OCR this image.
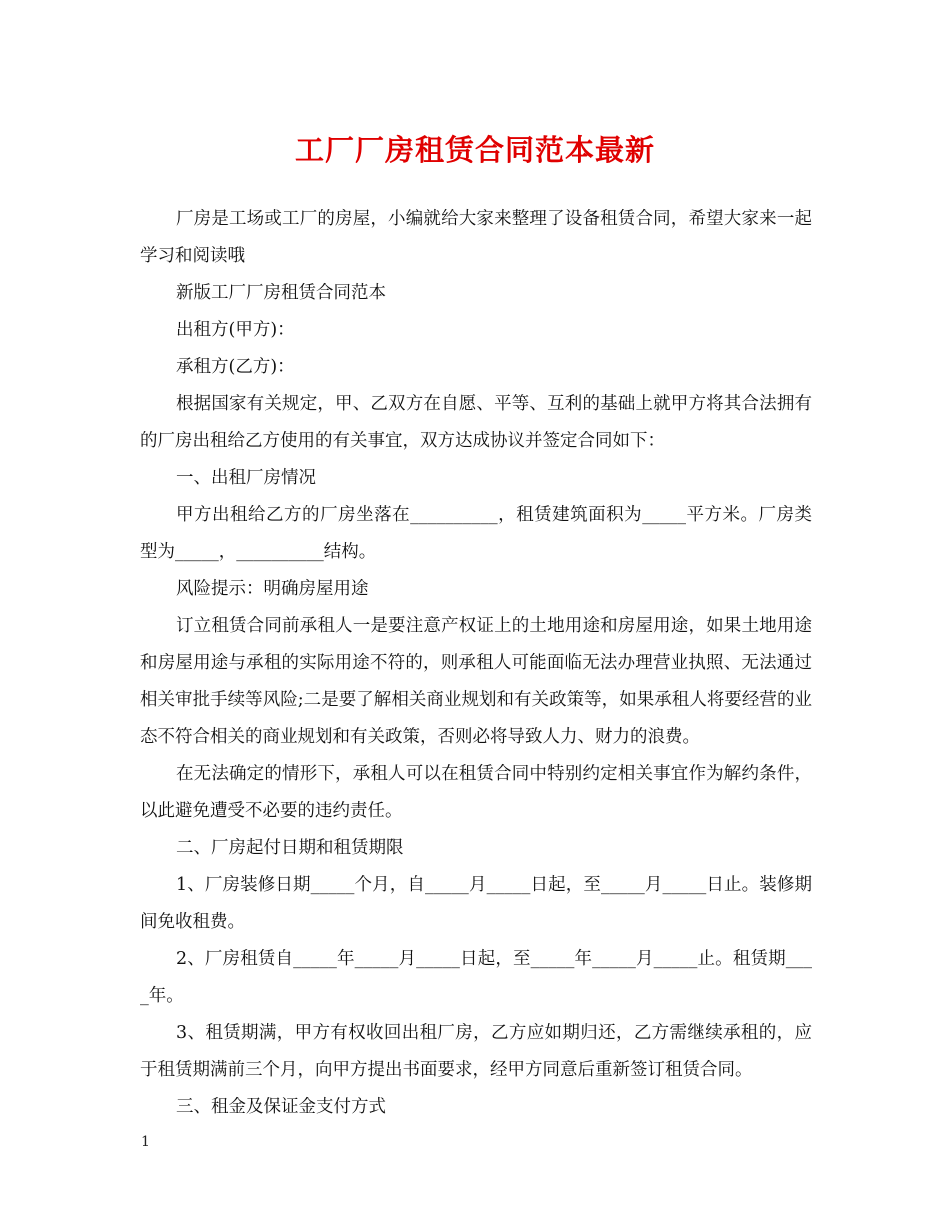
工厂厂房租赁合同范本最新

厂房是工场或工厂的房屋，小编就给大家来整理了设备租赁合同，希望大家来一起学习和阅读哦

新版工厂厂房租赁合同范本

出租方(甲方)：

承租方(乙方)：

根据国家有关规定，甲、乙双方在自愿、平等、互利的基础上就甲方将其合法拥有的厂房出租给乙方使用的有关事宜，双方达成协议并签定合同如下：

一、出租厂房情况

甲方出租给乙方的厂房坐落在__________，租赁建筑面积为_____平方米。厂房类型为_____，__________结构。

风险提示：明确房屋用途

订立租赁合同前承租人一是要注意产权证上的土地用途和房屋用途，如果土地用途和房屋用途与承租的实际用途不符的，则承租人可能面临无法办理营业执照、无法通过相关审批手续等风险;二是要了解相关商业规划和有关政策等，如果承租人将要经营的业态不符合相关的商业规划和有关政策，否则必将导致人力、财力的浪费。

在无法确定的情形下，承租人可以在租赁合同中特别约定相关事宜作为解约条件，以此避免遭受不必要的违约责任。

二、厂房起付日期和租赁期限

1、厂房装修日期_____个月，自_____月_____日起，至_____月_____日止。装修期间免收租费。

2、厂房租赁自_____年_____月_____日起，至_____年_____月_____止。租赁期____年。

3、租赁期满，甲方有权收回出租厂房，乙方应如期归还，乙方需继续承租的，应于租赁期满前三个月，向甲方提出书面要求，经甲方同意后重新签订租赁合同。

三、租金及保证金支付方式

1
